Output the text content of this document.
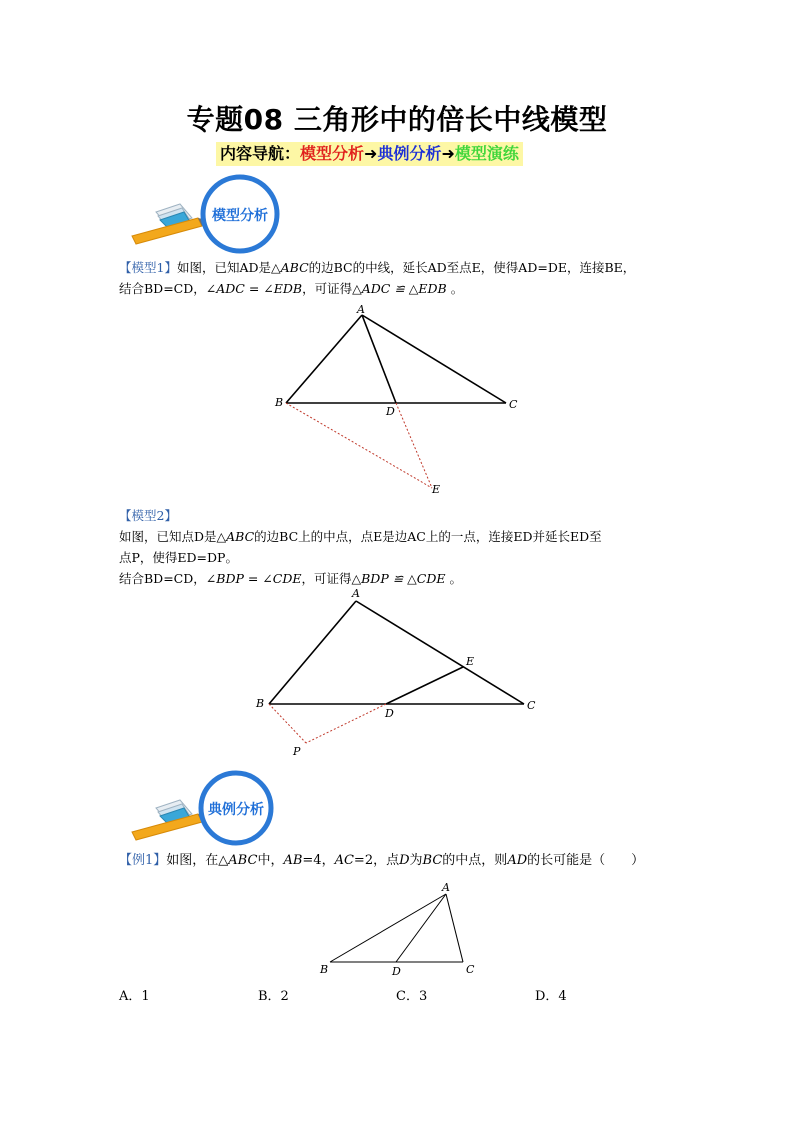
专题08 三角形中的倍长中线模型
内容导航：模型分析➜典例分析➜模型演练
模型分析
【模型1】如图，已知AD是△ABC的边BC的中线，延长AD至点E，使得AD=DE，连接BE，
结合BD=CD，∠ADC = ∠EDB，可证得△ADC ≌ △EDB 。
A
B	C
D
E
【模型2】
如图，已知点D是△ABC的边BC上的中点，点E是边AC上的一点，连接ED并延长ED至
点P，使得ED=DP。
结合BD=CD，∠BDP = ∠CDE，可证得△BDP ≌ △CDE 。
A
B	C
D
E
P
典例分析
【例1】如图，在△ABC中，AB=4，AC=2，点D为BC的中点，则AD的长可能是（　　）
A
B	C
D
A．1	B．2	C．3	D．4
